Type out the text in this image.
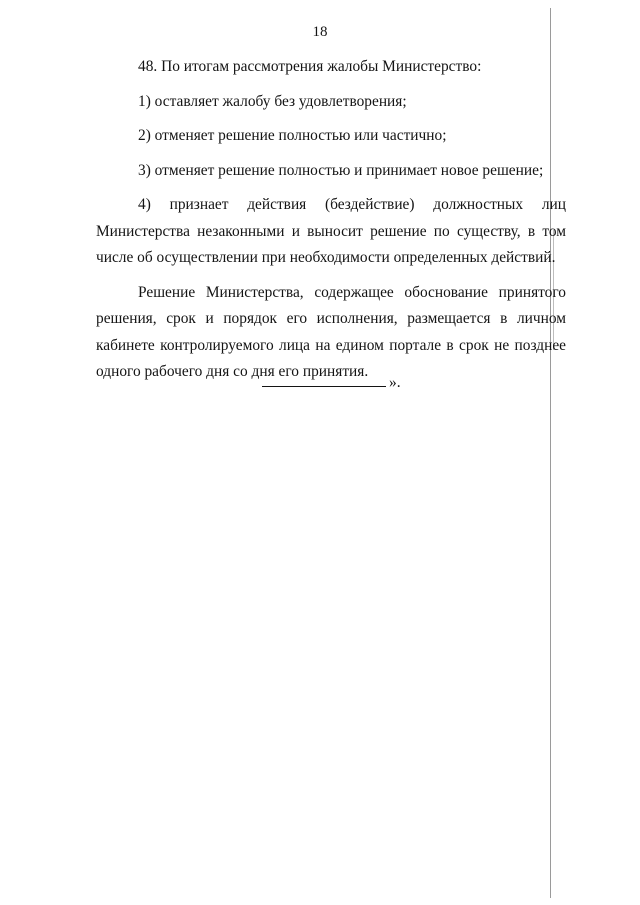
18

48. По итогам рассмотрения жалобы Министерство:

1) оставляет жалобу без удовлетворения;

2) отменяет решение полностью или частично;

3) отменяет решение полностью и принимает новое решение;

4) признает действия (бездействие) должностных лиц Министерства незаконными и выносит решение по существу, в том числе об осуществлении при необходимости определенных действий.

Решение Министерства, содержащее обоснование принятого решения, срок и порядок его исполнения, размещается в личном кабинете контролируемого лица на едином портале в срок не позднее одного рабочего дня со дня его принятия.

».
